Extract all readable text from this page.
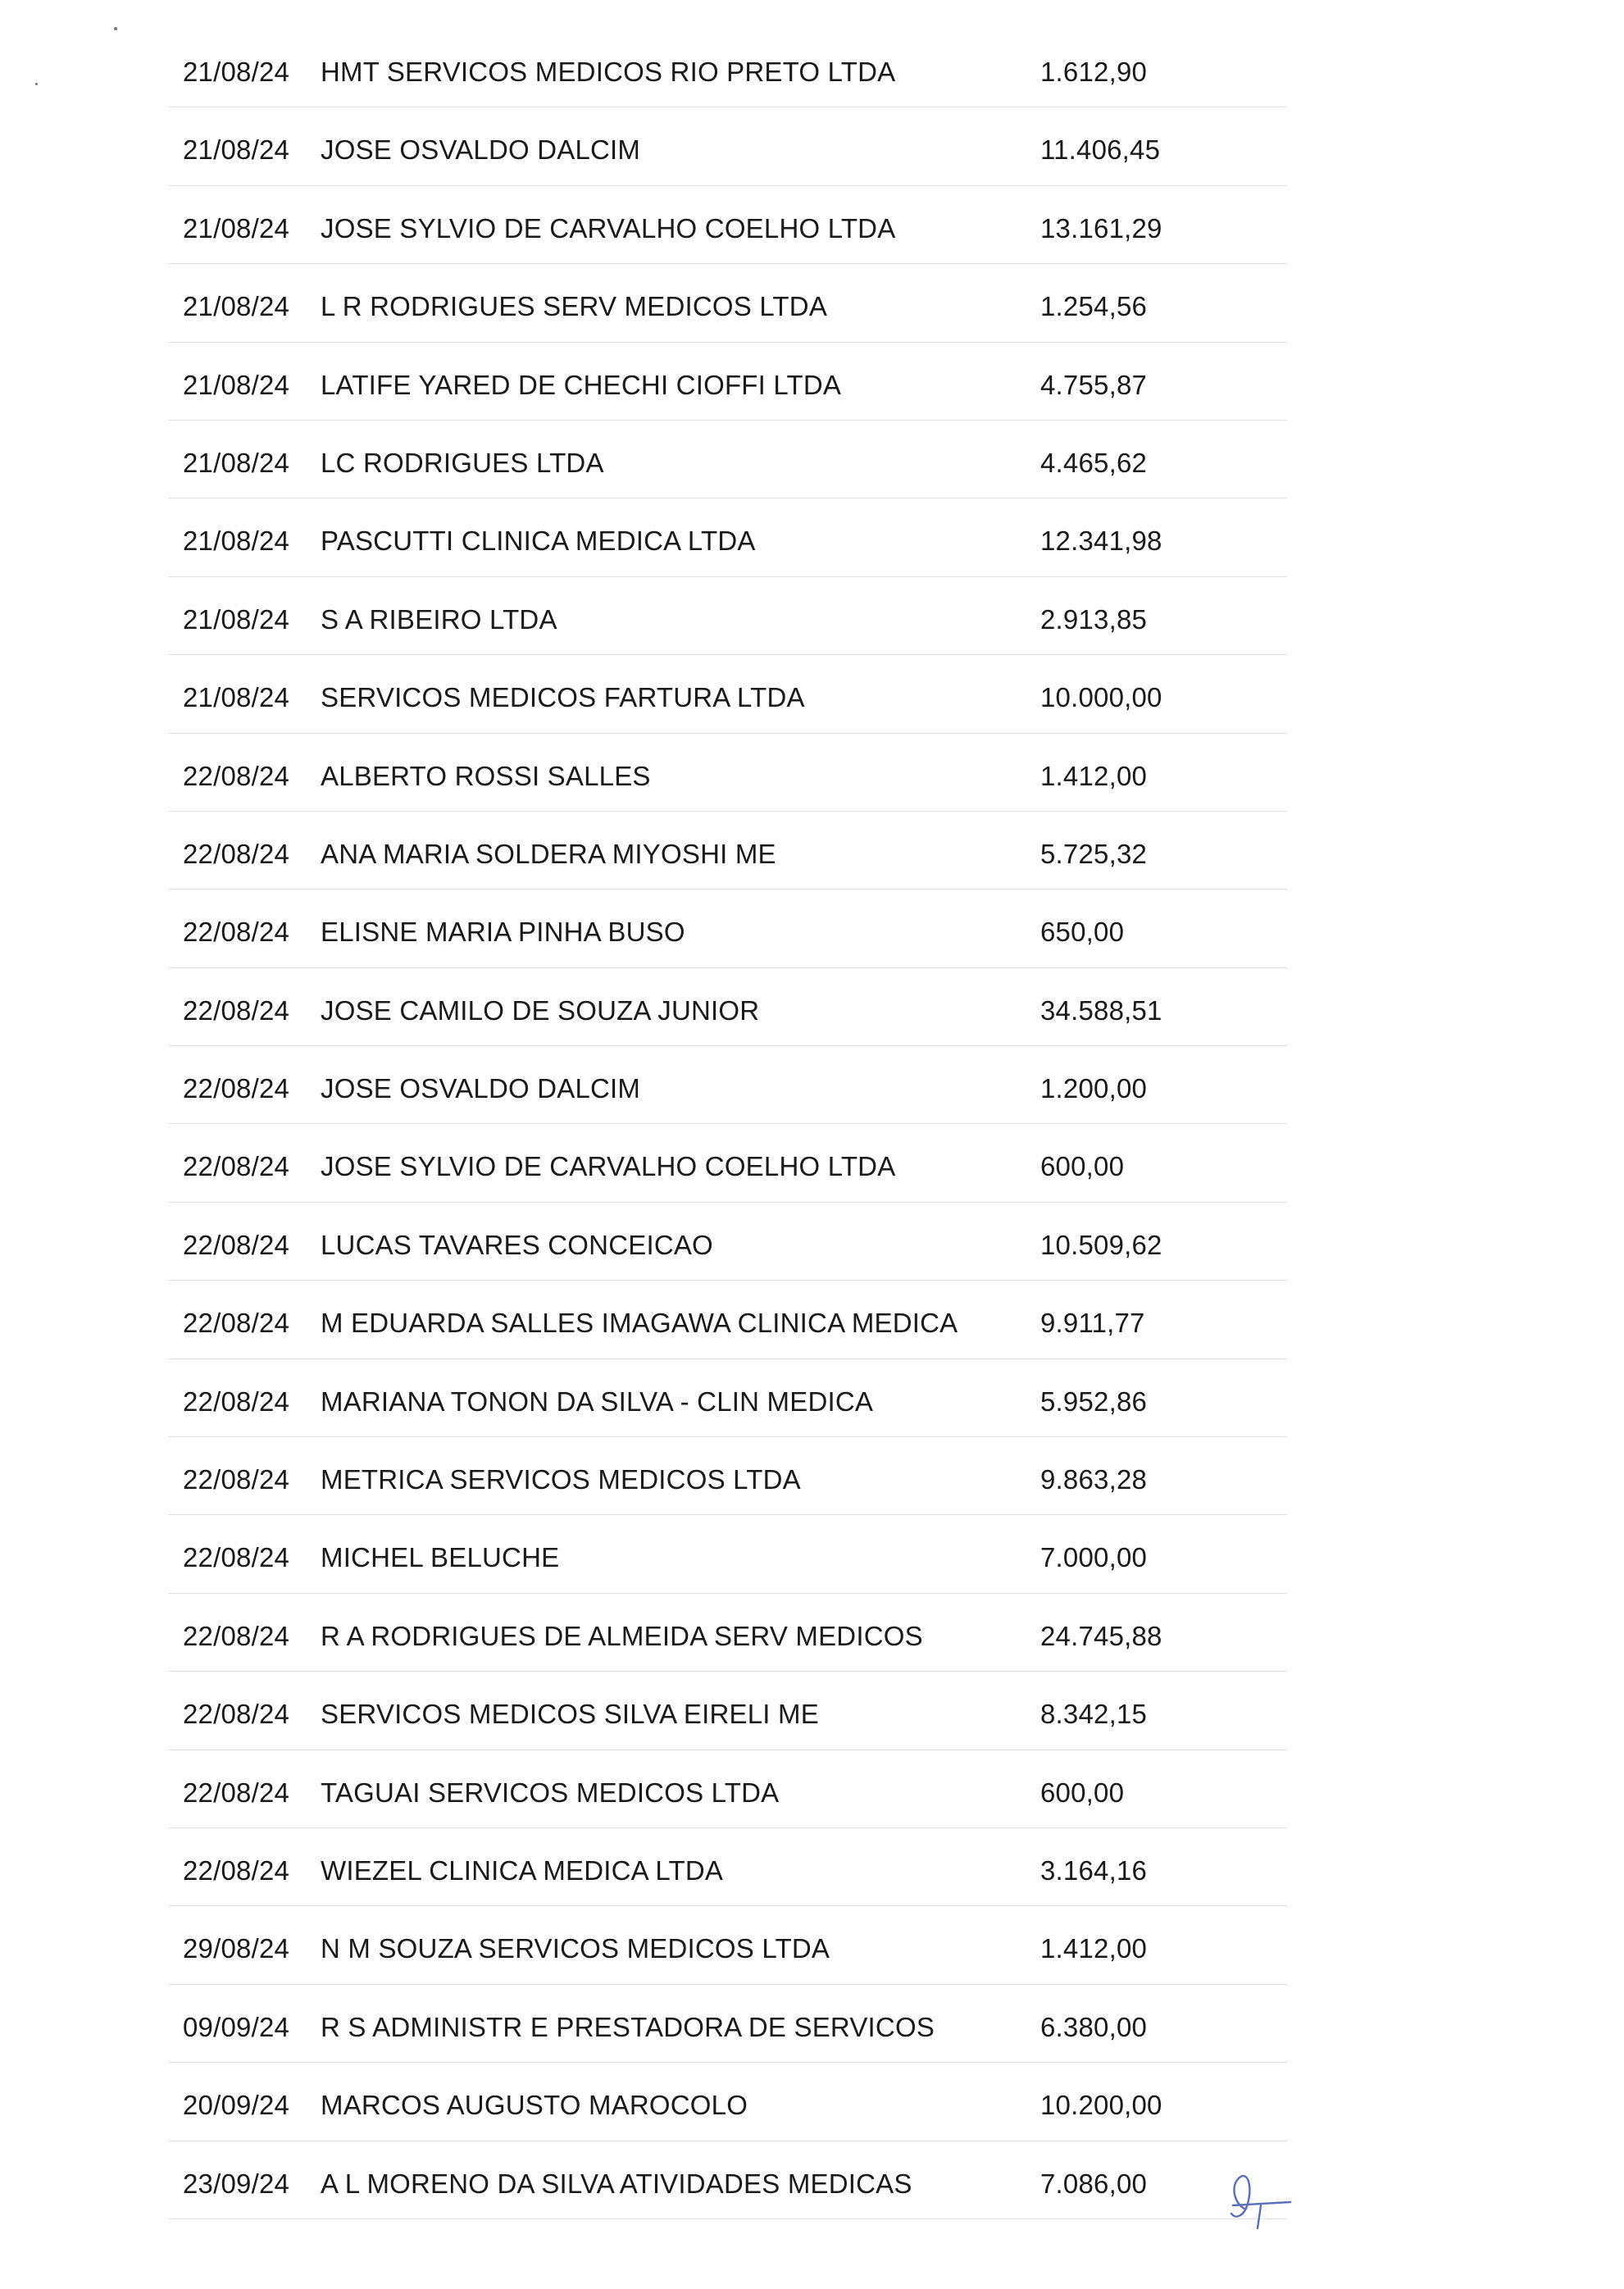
21/08/24 HMT SERVICOS MEDICOS RIO PRETO LTDA	1.612,90
21/08/24 JOSE OSVALDO DALCIM	11.406,45
21/08/24 JOSE SYLVIO DE CARVALHO COELHO LTDA	13.161,29
21/08/24 L R RODRIGUES SERV MEDICOS LTDA	1.254,56
21/08/24 LATIFE YARED DE CHECHI CIOFFI LTDA	4.755,87
21/08/24 LC RODRIGUES LTDA	4.465,62
21/08/24 PASCUTTI CLINICA MEDICA LTDA	12.341,98
21/08/24 S A RIBEIRO LTDA	2.913,85
21/08/24 SERVICOS MEDICOS FARTURA LTDA	10.000,00
22/08/24 ALBERTO ROSSI SALLES	1.412,00
22/08/24 ANA MARIA SOLDERA MIYOSHI ME	5.725,32
22/08/24 ELISNE MARIA PINHA BUSO	650,00
22/08/24 JOSE CAMILO DE SOUZA JUNIOR	34.588,51
22/08/24 JOSE OSVALDO DALCIM	1.200,00
22/08/24 JOSE SYLVIO DE CARVALHO COELHO LTDA	600,00
22/08/24 LUCAS TAVARES CONCEICAO	10.509,62
22/08/24 M EDUARDA SALLES IMAGAWA CLINICA MEDICA	9.911,77
22/08/24 MARIANA TONON DA SILVA - CLIN MEDICA	5.952,86
22/08/24 METRICA SERVICOS MEDICOS LTDA	9.863,28
22/08/24 MICHEL BELUCHE	7.000,00
22/08/24 R A RODRIGUES DE ALMEIDA SERV MEDICOS	24.745,88
22/08/24 SERVICOS MEDICOS SILVA EIRELI ME	8.342,15
22/08/24 TAGUAI SERVICOS MEDICOS LTDA	600,00
22/08/24 WIEZEL CLINICA MEDICA LTDA	3.164,16
29/08/24 N M SOUZA SERVICOS MEDICOS LTDA	1.412,00
09/09/24 R S ADMINISTR E PRESTADORA DE SERVICOS	6.380,00
20/09/24 MARCOS AUGUSTO MAROCOLO	10.200,00
23/09/24 A L MORENO DA SILVA ATIVIDADES MEDICAS	7.086,00
